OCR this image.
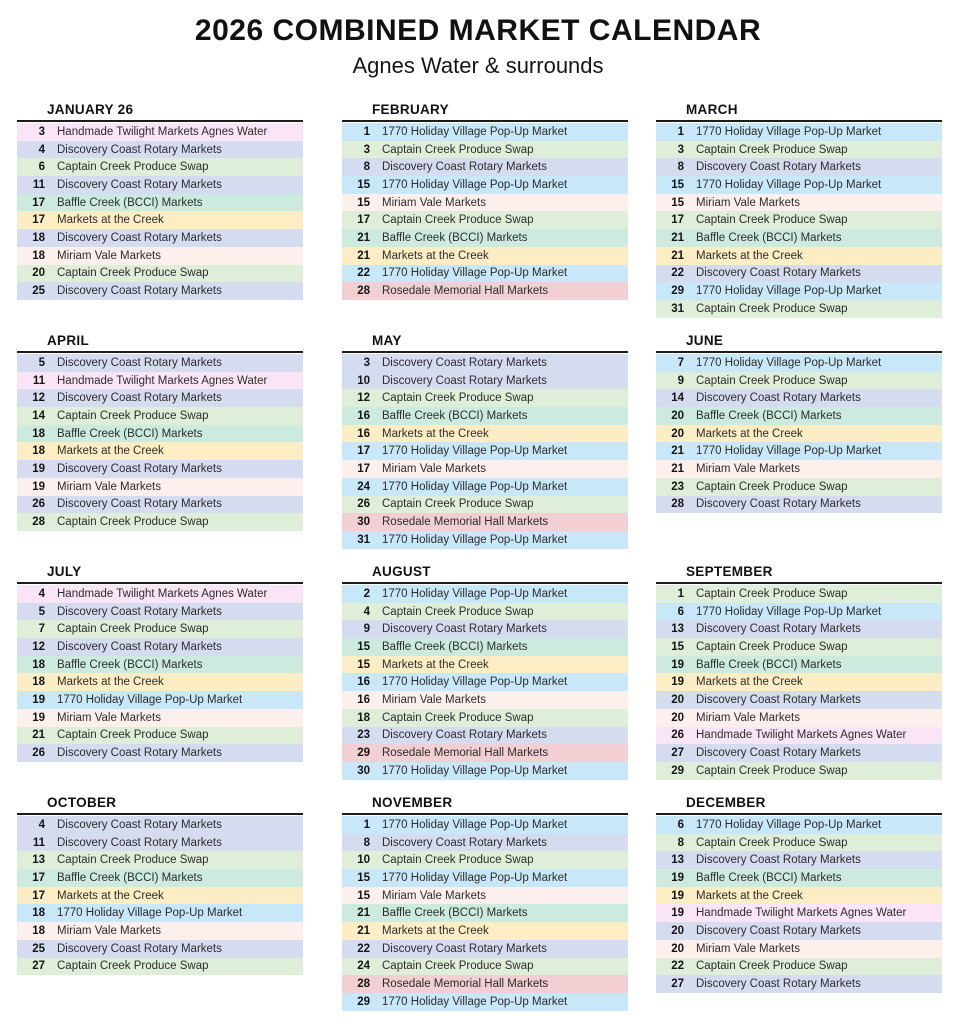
2026 COMBINED MARKET CALENDAR
Agnes Water & surrounds
JANUARY 26
3 Handmade Twilight Markets Agnes Water
4 Discovery Coast Rotary Markets
6 Captain Creek Produce Swap
11 Discovery Coast Rotary Markets
17 Baffle Creek (BCCI) Markets
17 Markets at the Creek
18 Discovery Coast Rotary Markets
18 Miriam Vale Markets
20 Captain Creek Produce Swap
25 Discovery Coast Rotary Markets
FEBRUARY
1 1770 Holiday Village Pop-Up Market
3 Captain Creek Produce Swap
8 Discovery Coast Rotary Markets
15 1770 Holiday Village Pop-Up Market
15 Miriam Vale Markets
17 Captain Creek Produce Swap
21 Baffle Creek (BCCI) Markets
21 Markets at the Creek
22 1770 Holiday Village Pop-Up Market
28 Rosedale Memorial Hall Markets
MARCH
1 1770 Holiday Village Pop-Up Market
3 Captain Creek Produce Swap
8 Discovery Coast Rotary Markets
15 1770 Holiday Village Pop-Up Market
15 Miriam Vale Markets
17 Captain Creek Produce Swap
21 Baffle Creek (BCCI) Markets
21 Markets at the Creek
22 Discovery Coast Rotary Markets
29 1770 Holiday Village Pop-Up Market
31 Captain Creek Produce Swap
APRIL
5 Discovery Coast Rotary Markets
11 Handmade Twilight Markets Agnes Water
12 Discovery Coast Rotary Markets
14 Captain Creek Produce Swap
18 Baffle Creek (BCCI) Markets
18 Markets at the Creek
19 Discovery Coast Rotary Markets
19 Miriam Vale Markets
26 Discovery Coast Rotary Markets
28 Captain Creek Produce Swap
MAY
3 Discovery Coast Rotary Markets
10 Discovery Coast Rotary Markets
12 Captain Creek Produce Swap
16 Baffle Creek (BCCI) Markets
16 Markets at the Creek
17 1770 Holiday Village Pop-Up Market
17 Miriam Vale Markets
24 1770 Holiday Village Pop-Up Market
26 Captain Creek Produce Swap
30 Rosedale Memorial Hall Markets
31 1770 Holiday Village Pop-Up Market
JUNE
7 1770 Holiday Village Pop-Up Market
9 Captain Creek Produce Swap
14 Discovery Coast Rotary Markets
20 Baffle Creek (BCCI) Markets
20 Markets at the Creek
21 1770 Holiday Village Pop-Up Market
21 Miriam Vale Markets
23 Captain Creek Produce Swap
28 Discovery Coast Rotary Markets
JULY
4 Handmade Twilight Markets Agnes Water
5 Discovery Coast Rotary Markets
7 Captain Creek Produce Swap
12 Discovery Coast Rotary Markets
18 Baffle Creek (BCCI) Markets
18 Markets at the Creek
19 1770 Holiday Village Pop-Up Market
19 Miriam Vale Markets
21 Captain Creek Produce Swap
26 Discovery Coast Rotary Markets
AUGUST
2 1770 Holiday Village Pop-Up Market
4 Captain Creek Produce Swap
9 Discovery Coast Rotary Markets
15 Baffle Creek (BCCI) Markets
15 Markets at the Creek
16 1770 Holiday Village Pop-Up Market
16 Miriam Vale Markets
18 Captain Creek Produce Swap
23 Discovery Coast Rotary Markets
29 Rosedale Memorial Hall Markets
30 1770 Holiday Village Pop-Up Market
SEPTEMBER
1 Captain Creek Produce Swap
6 1770 Holiday Village Pop-Up Market
13 Discovery Coast Rotary Markets
15 Captain Creek Produce Swap
19 Baffle Creek (BCCI) Markets
19 Markets at the Creek
20 Discovery Coast Rotary Markets
20 Miriam Vale Markets
26 Handmade Twilight Markets Agnes Water
27 Discovery Coast Rotary Markets
29 Captain Creek Produce Swap
OCTOBER
4 Discovery Coast Rotary Markets
11 Discovery Coast Rotary Markets
13 Captain Creek Produce Swap
17 Baffle Creek (BCCI) Markets
17 Markets at the Creek
18 1770 Holiday Village Pop-Up Market
18 Miriam Vale Markets
25 Discovery Coast Rotary Markets
27 Captain Creek Produce Swap
NOVEMBER
1 1770 Holiday Village Pop-Up Market
8 Discovery Coast Rotary Markets
10 Captain Creek Produce Swap
15 1770 Holiday Village Pop-Up Market
15 Miriam Vale Markets
21 Baffle Creek (BCCI) Markets
21 Markets at the Creek
22 Discovery Coast Rotary Markets
24 Captain Creek Produce Swap
28 Rosedale Memorial Hall Markets
29 1770 Holiday Village Pop-Up Market
DECEMBER
6 1770 Holiday Village Pop-Up Market
8 Captain Creek Produce Swap
13 Discovery Coast Rotary Markets
19 Baffle Creek (BCCI) Markets
19 Markets at the Creek
19 Handmade Twilight Markets Agnes Water
20 Discovery Coast Rotary Markets
20 Miriam Vale Markets
22 Captain Creek Produce Swap
27 Discovery Coast Rotary Markets
